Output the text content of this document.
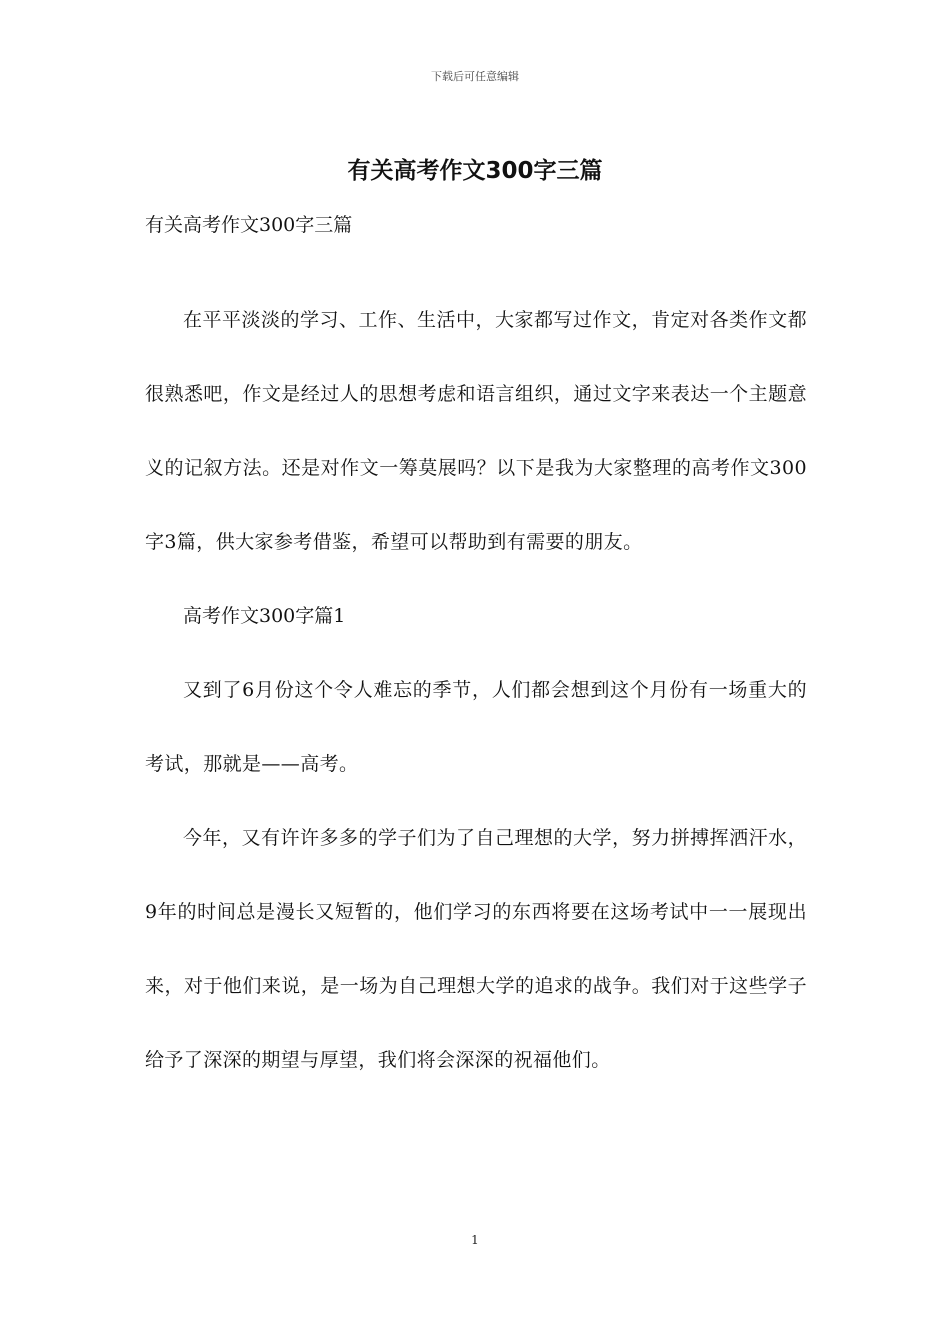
下载后可任意编辑
有关高考作文300字三篇

有关高考作文300字三篇

在平平淡淡的学习、工作、生活中，大家都写过作文，肯定对各类作文都很熟悉吧，作文是经过人的思想考虑和语言组织，通过文字来表达一个主题意义的记叙方法。还是对作文一筹莫展吗？以下是我为大家整理的高考作文300字3篇，供大家参考借鉴，希望可以帮助到有需要的朋友。

高考作文300字篇1

又到了6月份这个令人难忘的季节，人们都会想到这个月份有一场重大的考试，那就是——高考。

今年，又有许许多多的学子们为了自己理想的大学，努力拼搏挥洒汗水，9年的时间总是漫长又短暂的，他们学习的东西将要在这场考试中一一展现出来，对于他们来说，是一场为自己理想大学的追求的战争。我们对于这些学子给予了深深的期望与厚望，我们将会深深的祝福他们。

1
